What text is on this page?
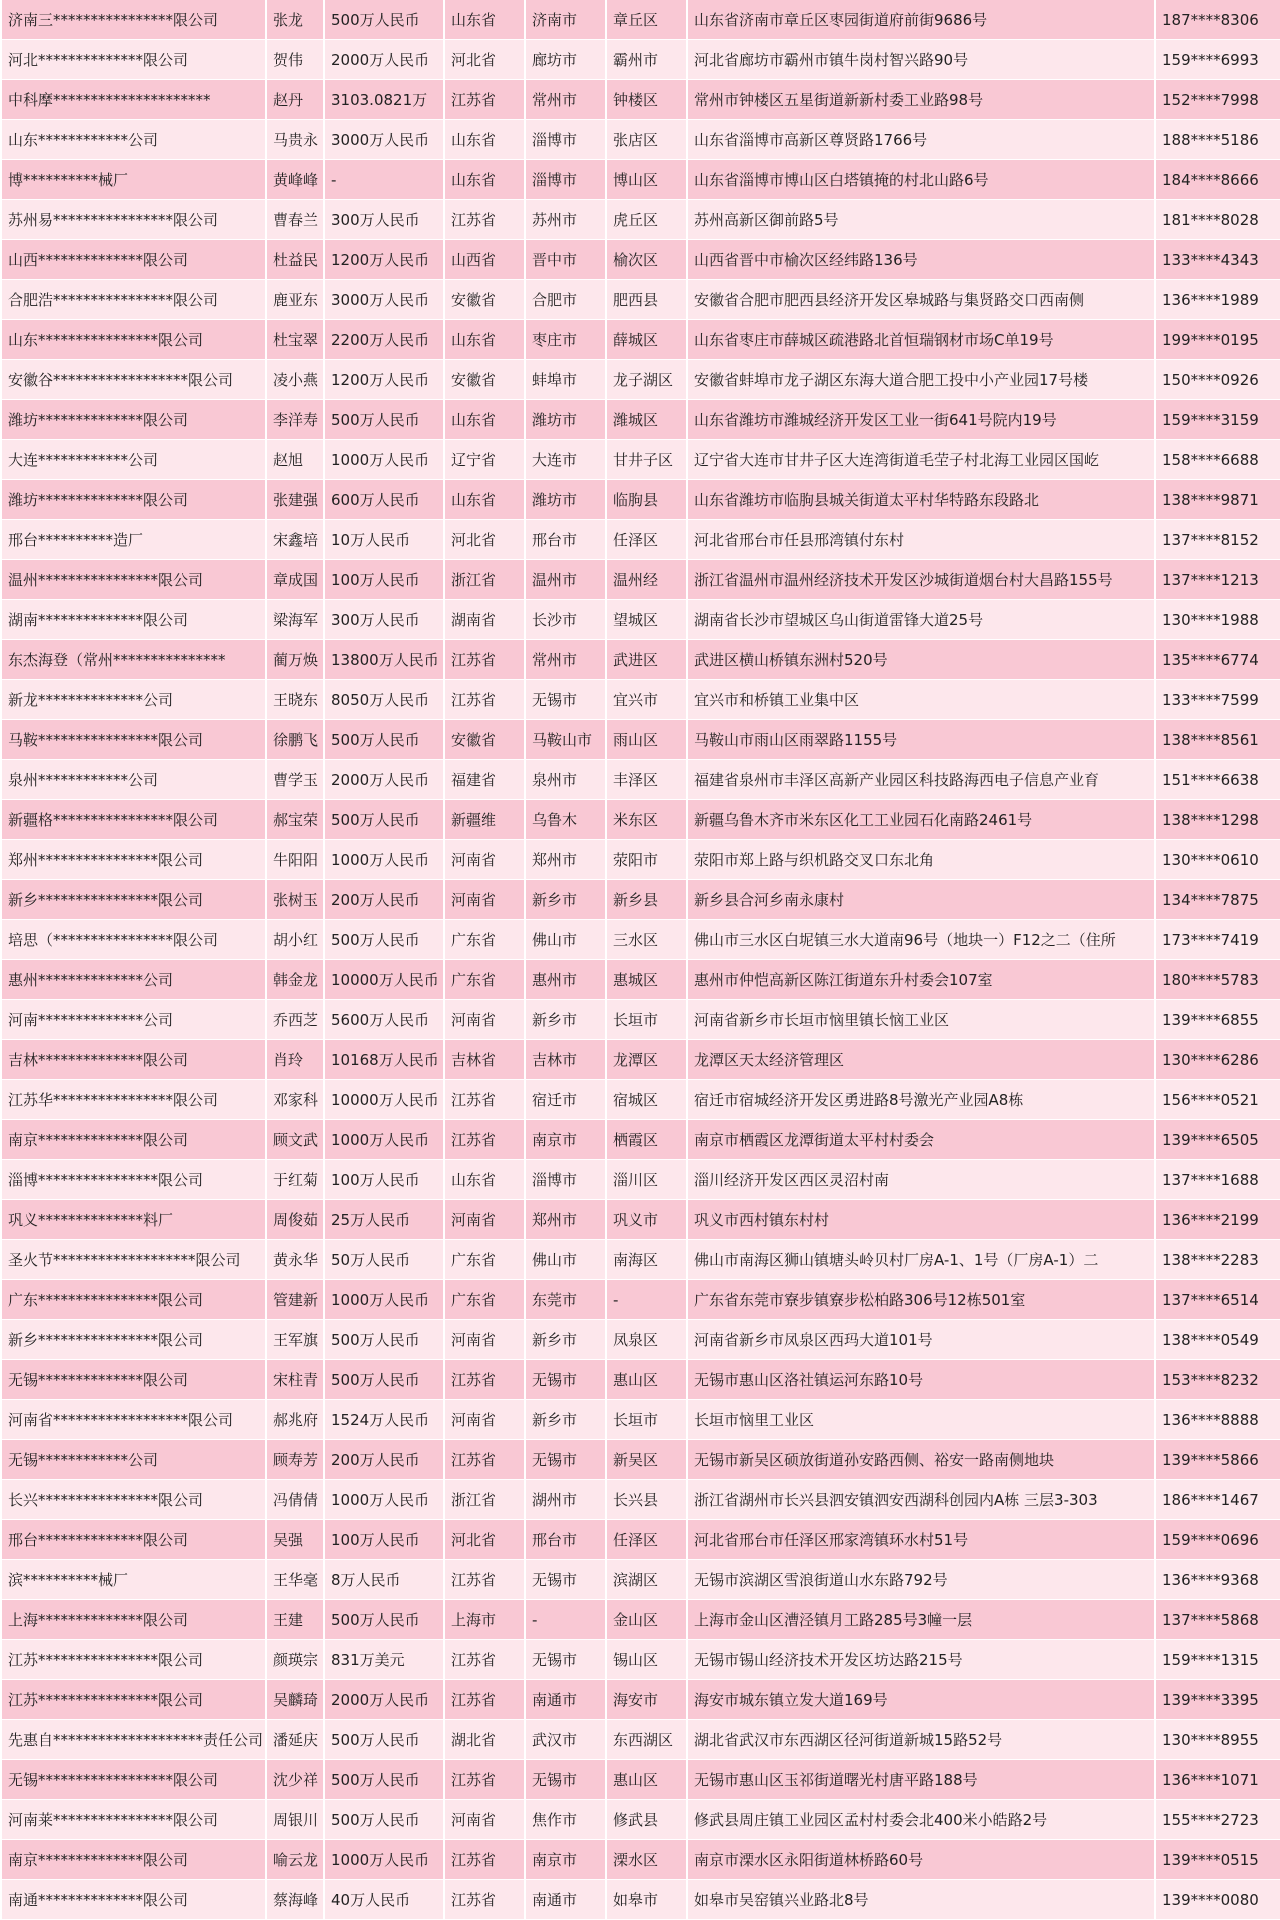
济南三****************限公司	张龙	500万人民币	山东省	济南市	章丘区	山东省济南市章丘区枣园街道府前街9686号	187****8306
河北**************限公司	贺伟	2000万人民币	河北省	廊坊市	霸州市	河北省廊坊市霸州市镇牛岗村智兴路90号	159****6993
中科摩*********************	赵丹	3103.0821万	江苏省	常州市	钟楼区	常州市钟楼区五星街道新新村委工业路98号	152****7998
山东************公司	马贵永	3000万人民币	山东省	淄博市	张店区	山东省淄博市高新区尊贤路1766号	188****5186
博**********械厂	黄峰峰	-	山东省	淄博市	博山区	山东省淄博市博山区白塔镇掩的村北山路6号	184****8666
苏州易****************限公司	曹春兰	300万人民币	江苏省	苏州市	虎丘区	苏州高新区御前路5号	181****8028
山西**************限公司	杜益民	1200万人民币	山西省	晋中市	榆次区	山西省晋中市榆次区经纬路136号	133****4343
合肥浩****************限公司	鹿亚东	3000万人民币	安徽省	合肥市	肥西县	安徽省合肥市肥西县经济开发区皋城路与集贤路交口西南侧	136****1989
山东****************限公司	杜宝翠	2200万人民币	山东省	枣庄市	薛城区	山东省枣庄市薛城区疏港路北首恒瑞钢材市场C单19号	199****0195
安徽谷******************限公司	凌小燕	1200万人民币	安徽省	蚌埠市	龙子湖区	安徽省蚌埠市龙子湖区东海大道合肥工投中小产业园17号楼	150****0926
潍坊**************限公司	李洋寿	500万人民币	山东省	潍坊市	潍城区	山东省潍坊市潍城经济开发区工业一街641号院内19号	159****3159
大连************公司	赵旭	1000万人民币	辽宁省	大连市	甘井子区	辽宁省大连市甘井子区大连湾街道毛茔子村北海工业园区国屹	158****6688
潍坊**************限公司	张建强	600万人民币	山东省	潍坊市	临朐县	山东省潍坊市临朐县城关街道太平村华特路东段路北	138****9871
邢台**********造厂	宋鑫培	10万人民币	河北省	邢台市	任泽区	河北省邢台市任县邢湾镇付东村	137****8152
温州****************限公司	章成国	100万人民币	浙江省	温州市	温州经	浙江省温州市温州经济技术开发区沙城街道烟台村大昌路155号	137****1213
湖南**************限公司	梁海军	300万人民币	湖南省	长沙市	望城区	湖南省长沙市望城区乌山街道雷锋大道25号	130****1988
东杰海登（常州***************	蔺万焕	13800万人民币	江苏省	常州市	武进区	武进区横山桥镇东洲村520号	135****6774
新龙**************公司	王晓东	8050万人民币	江苏省	无锡市	宜兴市	宜兴市和桥镇工业集中区	133****7599
马鞍****************限公司	徐鹏飞	500万人民币	安徽省	马鞍山市	雨山区	马鞍山市雨山区雨翠路1155号	138****8561
泉州************公司	曹学玉	2000万人民币	福建省	泉州市	丰泽区	福建省泉州市丰泽区高新产业园区科技路海西电子信息产业育	151****6638
新疆格****************限公司	郝宝荣	500万人民币	新疆维	乌鲁木	米东区	新疆乌鲁木齐市米东区化工工业园石化南路2461号	138****1298
郑州****************限公司	牛阳阳	1000万人民币	河南省	郑州市	荥阳市	荥阳市郑上路与织机路交叉口东北角	130****0610
新乡****************限公司	张树玉	200万人民币	河南省	新乡市	新乡县	新乡县合河乡南永康村	134****7875
培思（****************限公司	胡小红	500万人民币	广东省	佛山市	三水区	佛山市三水区白坭镇三水大道南96号（地块一）F12之二（住所	173****7419
惠州**************公司	韩金龙	10000万人民币	广东省	惠州市	惠城区	惠州市仲恺高新区陈江街道东升村委会107室	180****5783
河南**************公司	乔西芝	5600万人民币	河南省	新乡市	长垣市	河南省新乡市长垣市恼里镇长恼工业区	139****6855
吉林**************限公司	肖玲	10168万人民币	吉林省	吉林市	龙潭区	龙潭区天太经济管理区	130****6286
江苏华****************限公司	邓家科	10000万人民币	江苏省	宿迁市	宿城区	宿迁市宿城经济开发区勇进路8号激光产业园A8栋	156****0521
南京**************限公司	顾文武	1000万人民币	江苏省	南京市	栖霞区	南京市栖霞区龙潭街道太平村村委会	139****6505
淄博****************限公司	于红菊	100万人民币	山东省	淄博市	淄川区	淄川经济开发区西区灵沼村南	137****1688
巩义**************料厂	周俊茹	25万人民币	河南省	郑州市	巩义市	巩义市西村镇东村村	136****2199
圣火节*******************限公司	黄永华	50万人民币	广东省	佛山市	南海区	佛山市南海区狮山镇塘头岭贝村厂房A-1、1号（厂房A-1）二	138****2283
广东****************限公司	管建新	1000万人民币	广东省	东莞市	-	广东省东莞市寮步镇寮步松柏路306号12栋501室	137****6514
新乡****************限公司	王军旗	500万人民币	河南省	新乡市	凤泉区	河南省新乡市凤泉区西玛大道101号	138****0549
无锡**************限公司	宋柱青	500万人民币	江苏省	无锡市	惠山区	无锡市惠山区洛社镇运河东路10号	153****8232
河南省******************限公司	郝兆府	1524万人民币	河南省	新乡市	长垣市	长垣市恼里工业区	136****8888
无锡************公司	顾寿芳	200万人民币	江苏省	无锡市	新吴区	无锡市新吴区硕放街道孙安路西侧、裕安一路南侧地块	139****5866
长兴****************限公司	冯倩倩	1000万人民币	浙江省	湖州市	长兴县	浙江省湖州市长兴县泗安镇泗安西湖科创园内A栋 三层3-303	186****1467
邢台**************限公司	吴强	100万人民币	河北省	邢台市	任泽区	河北省邢台市任泽区邢家湾镇环水村51号	159****0696
滨**********械厂	王华毫	8万人民币	江苏省	无锡市	滨湖区	无锡市滨湖区雪浪街道山水东路792号	136****9368
上海**************限公司	王建	500万人民币	上海市	-	金山区	上海市金山区漕泾镇月工路285号3幢一层	137****5868
江苏****************限公司	颜瑛宗	831万美元	江苏省	无锡市	锡山区	无锡市锡山经济技术开发区坊达路215号	159****1315
江苏****************限公司	吴麟琦	2000万人民币	江苏省	南通市	海安市	海安市城东镇立发大道169号	139****3395
先惠自********************责任公司	潘延庆	500万人民币	湖北省	武汉市	东西湖区	湖北省武汉市东西湖区径河街道新城15路52号	130****8955
无锡******************限公司	沈少祥	500万人民币	江苏省	无锡市	惠山区	无锡市惠山区玉祁街道曙光村唐平路188号	136****1071
河南莱****************限公司	周银川	500万人民币	河南省	焦作市	修武县	修武县周庄镇工业园区孟村村委会北400米小皓路2号	155****2723
南京**************限公司	喻云龙	1000万人民币	江苏省	南京市	溧水区	南京市溧水区永阳街道林桥路60号	139****0515
南通**************限公司	蔡海峰	40万人民币	江苏省	南通市	如皋市	如皋市吴窑镇兴业路北8号	139****0080
